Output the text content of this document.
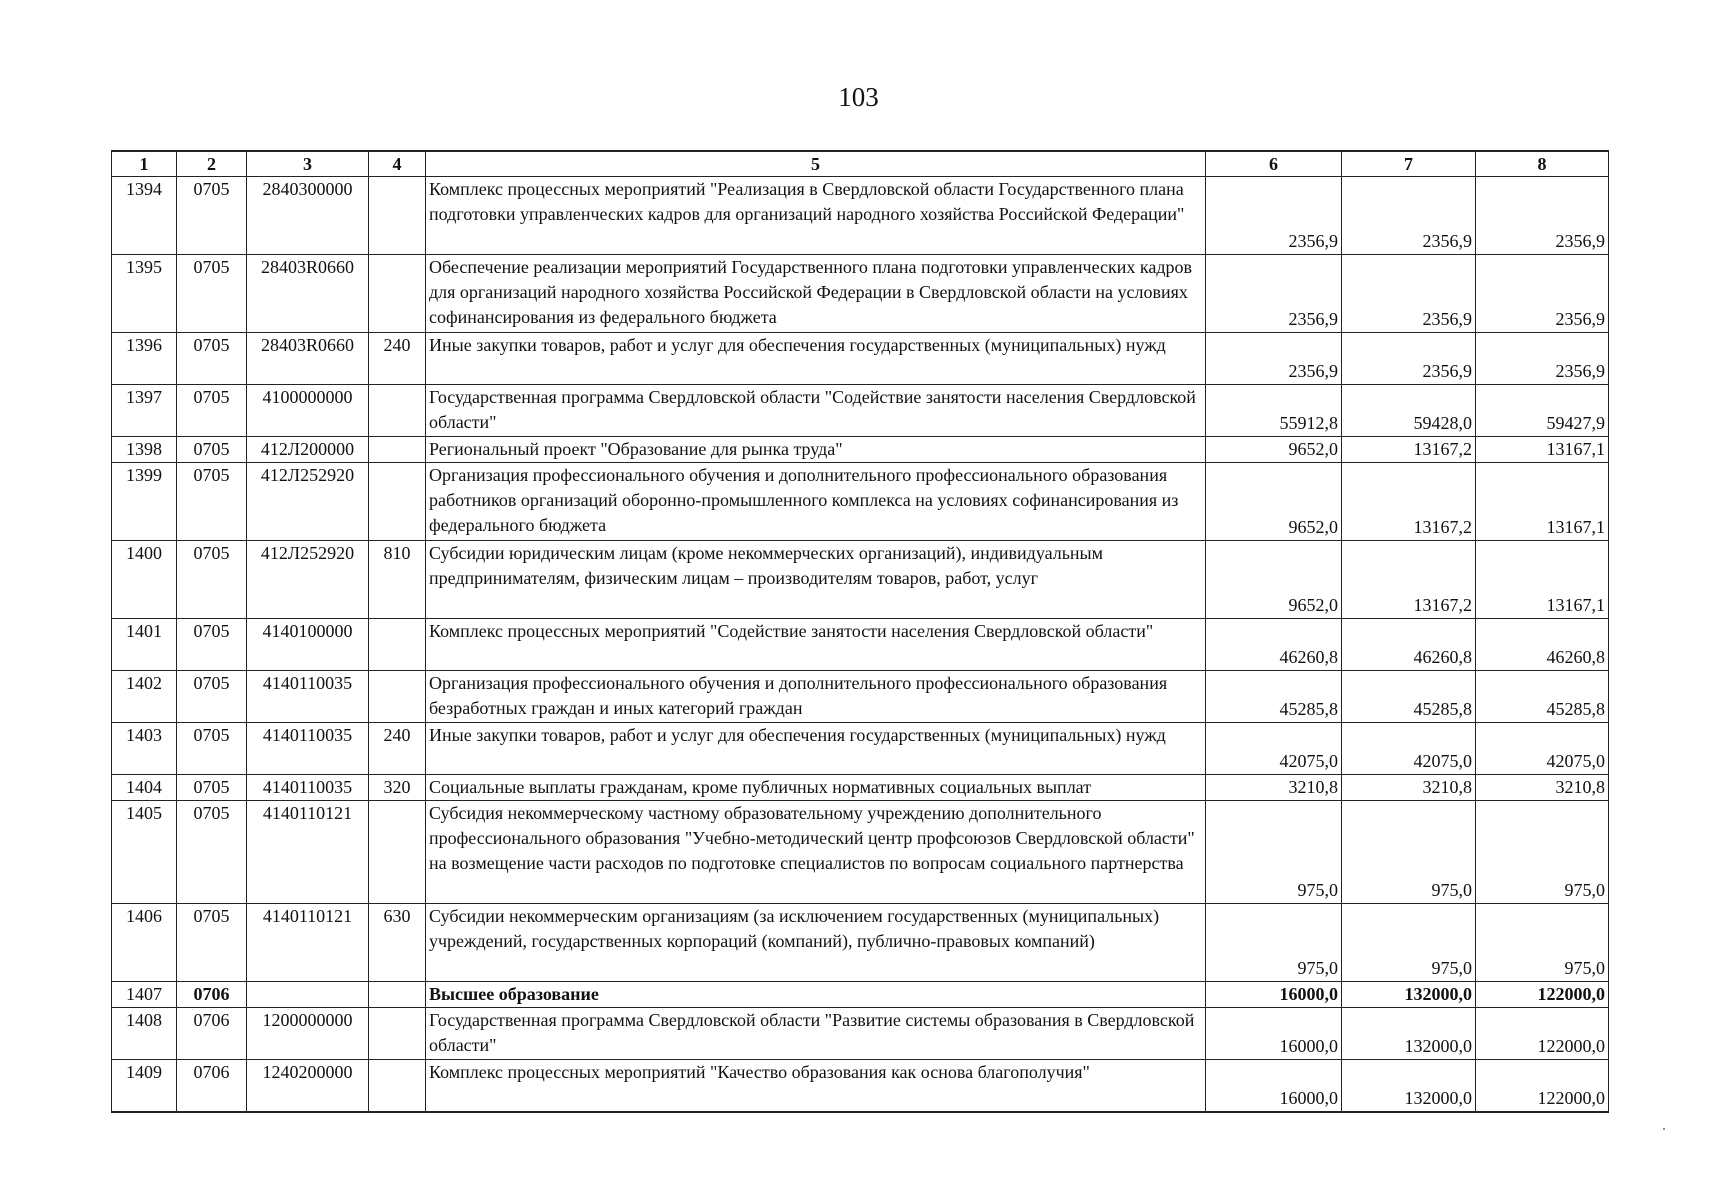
103
1	2	3	4	5	6	7	8
1394	0705	2840300000		Комплекс процессных мероприятий "Реализация в Свердловской области Государственного плана подготовки управленческих кадров для организаций народного хозяйства Российской Федерации"	2356,9	2356,9	2356,9
1395	0705	28403R0660		Обеспечение реализации мероприятий Государственного плана подготовки управленческих кадров для организаций народного хозяйства Российской Федерации в Свердловской области на условиях софинансирования из федерального бюджета	2356,9	2356,9	2356,9
1396	0705	28403R0660	240	Иные закупки товаров, работ и услуг для обеспечения государственных (муниципальных) нужд	2356,9	2356,9	2356,9
1397	0705	4100000000		Государственная программа Свердловской области "Содействие занятости населения Свердловской области"	55912,8	59428,0	59427,9
1398	0705	412Л200000		Региональный проект "Образование для рынка труда"	9652,0	13167,2	13167,1
1399	0705	412Л252920		Организация профессионального обучения и дополнительного профессионального образования работников организаций оборонно-промышленного комплекса на условиях софинансирования из федерального бюджета	9652,0	13167,2	13167,1
1400	0705	412Л252920	810	Субсидии юридическим лицам (кроме некоммерческих организаций), индивидуальным предпринимателям, физическим лицам – производителям товаров, работ, услуг	9652,0	13167,2	13167,1
1401	0705	4140100000		Комплекс процессных мероприятий "Содействие занятости населения Свердловской области"	46260,8	46260,8	46260,8
1402	0705	4140110035		Организация профессионального обучения и дополнительного профессионального образования безработных граждан и иных категорий граждан	45285,8	45285,8	45285,8
1403	0705	4140110035	240	Иные закупки товаров, работ и услуг для обеспечения государственных (муниципальных) нужд	42075,0	42075,0	42075,0
1404	0705	4140110035	320	Социальные выплаты гражданам, кроме публичных нормативных социальных выплат	3210,8	3210,8	3210,8
1405	0705	4140110121		Субсидия некоммерческому частному образовательному учреждению дополнительного профессионального образования "Учебно-методический центр профсоюзов Свердловской области" на возмещение части расходов по подготовке специалистов по вопросам социального партнерства	975,0	975,0	975,0
1406	0705	4140110121	630	Субсидии некоммерческим организациям (за исключением государственных (муниципальных) учреждений, государственных корпораций (компаний), публично-правовых компаний)	975,0	975,0	975,0
1407	0706			Высшее образование	16000,0	132000,0	122000,0
1408	0706	1200000000		Государственная программа Свердловской области "Развитие системы образования в Свердловской области"	16000,0	132000,0	122000,0
1409	0706	1240200000		Комплекс процессных мероприятий "Качество образования как основа благополучия"	16000,0	132000,0	122000,0
